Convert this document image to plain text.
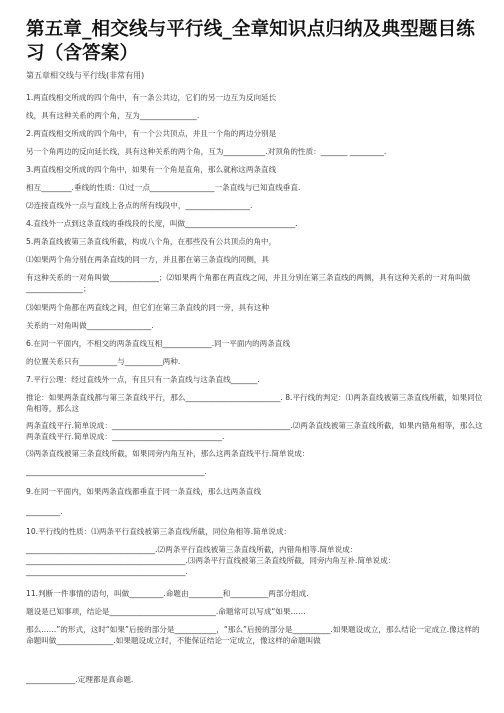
第五章_相交线与平行线_全章知识点归纳及典型题目练习（含答案）
第五章相交线与平行线(非常有用)
1.两直线相交所成的四个角中，有一条公共边，它们的另一边互为反向延长
线，具有这种关系的两个角，互为_______________.
2.两直线相交所成的四个角中，有一个公共顶点，并且一个角的两边分别是
另一个角两边的反向延长线，具有这种关系的两个角，互为___________.对顶角的性质：_______ _________.
3.两直线相交所成的四个角中，如果有一个角是直角，那么就称这两条直线
相互________.垂线的性质：⑴过一点_________________一条直线与已知直线垂直.
⑵连接直线外一点与直线上各点的所有线段中，_________________.
4.直线外一点到这条直线的垂线段的长度，叫做_____________________________.
5.两条直线被第三条直线所截，构成八个角，在那些没有公共顶点的角中，
⑴如果两个角分别在两条直线的同一方，并且都在第三条直线的同侧，具
有这种关系的一对角叫做_____________；⑵如果两个角都在两直线之间，并且分别在第三条直线的两侧，具有这种关系的一对角叫做_______________；
⑶如果两个角都在两直线之间，但它们在第三条直线的同一旁，具有这种
关系的一对角叫做_________________.
6.在同一平面内，不相交的两条直线互相_____________.同一平面内的两条直线
的位置关系只有__________与__________两种.
7.平行公理：经过直线外一点，有且只有一条直线与这条直线_______.
推论：如果两条直线都与第三条直线平行，那么_________________________. 8.平行线的判定：⑴两条直线被第三条直线所截，如果同位角相等，那么这
两条直线平行.简单说成：_______________________________________________.⑵两条直线被第三条直线所截，如果内错角相等，那么这两条直线平行.简单说成：_____________________________.
⑶两条直线被第三条直线所截，如果同旁内角互补，那么这两条直线平行.简单说成：
_______________________________________________.
9.在同一平面内，如果两条直线都垂直于同一条直线，那么这两条直线
_________.
10.平行线的性质：⑴两条平行直线被第三条直线所截，同位角相等.简单说成：
__________________________________.⑵两条平行直线被第三条直线所截，内错角相等.简单说成：__________________________________________.⑶两条平行直线被第三条直线所截，同旁内角互补.简单说成：__________________________________________.
11.判断一件事情的语句，叫做_________.命题由_________和__________两部分组成.
题设是已知事项，结论是____________________________.命题常可以写成“如果……
那么……”的形式，这时“如果”后接的部分是___________，“那么”后接的部分是__________.如果题设成立，那么结论一定成立.像这样的命题叫做_______________.如果题设成立时，不能保证结论一定成立，像这样的命题叫做
_____________.定理都是真命题.
